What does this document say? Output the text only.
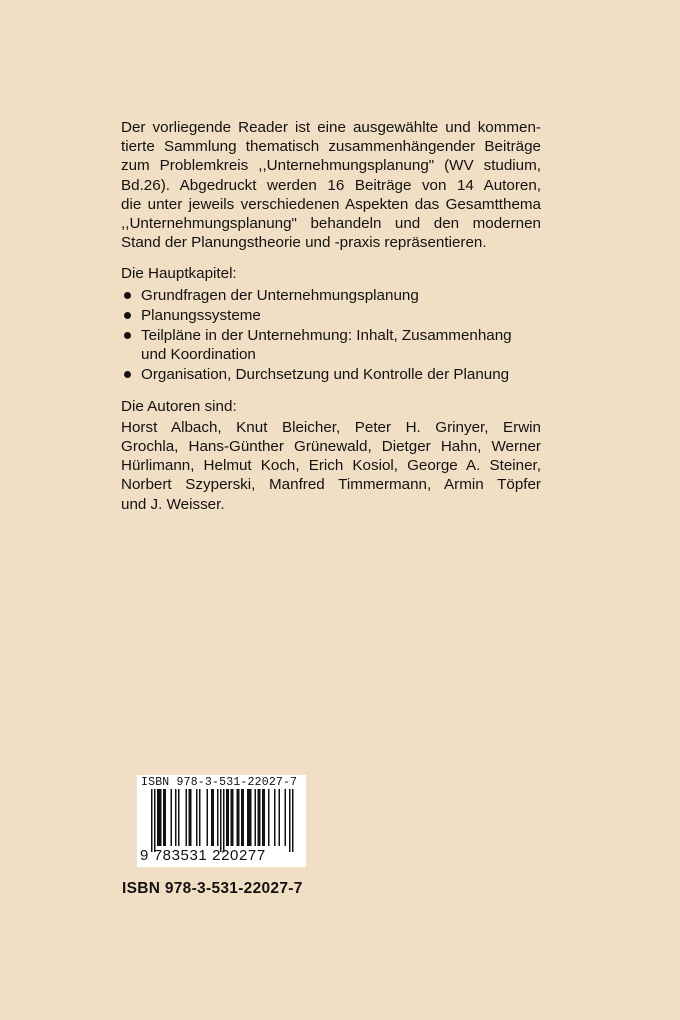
Der vorliegende Reader ist eine ausgewählte und kommen-
tierte Sammlung thematisch zusammenhängender Beiträge
zum Problemkreis ,,Unternehmungsplanung" (WV studium,
Bd.26). Abgedruckt werden 16 Beiträge von 14 Autoren,
die unter jeweils verschiedenen Aspekten das Gesamtthema
,,Unternehmungsplanung" behandeln und den modernen
Stand der Planungstheorie und -praxis repräsentieren.

Die Hauptkapitel:
Grundfragen der Unternehmungsplanung
Planungssysteme
Teilpläne in der Unternehmung: Inhalt, Zusammenhang und Koordination
Organisation, Durchsetzung und Kontrolle der Planung
Die Autoren sind:

Horst Albach, Knut Bleicher, Peter H. Grinyer, Erwin
Grochla, Hans-Günther Grünewald, Dietger Hahn, Werner
Hürlimann, Helmut Koch, Erich Kosiol, George A. Steiner,
Norbert Szyperski, Manfred Timmermann, Armin Töpfer
und J. Weisser.

ISBN 978-3-531-22027-7
9 783531 220277
ISBN 978-3-531-22027-7
